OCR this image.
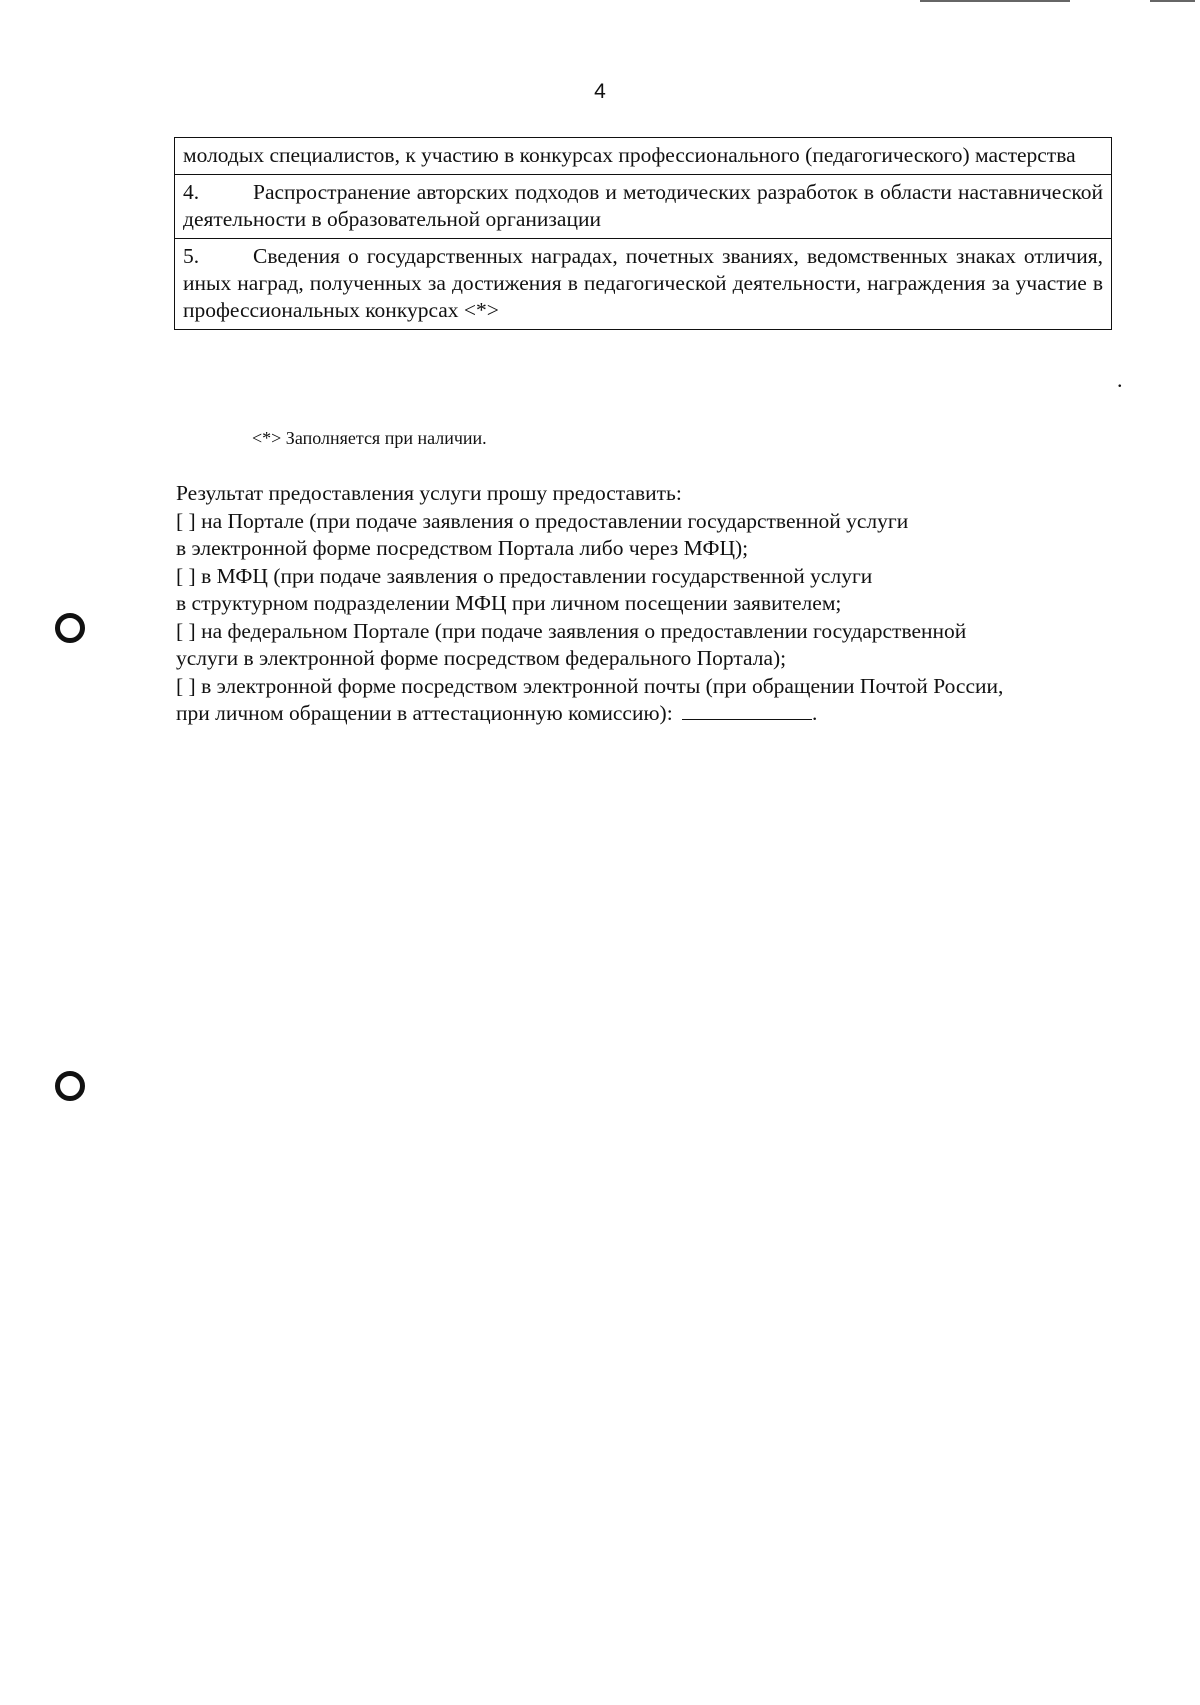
4
молодых специалистов, к участию в конкурсах профессионального (педагогического) мастерства
4.	Распространение авторских подходов и методических разработок в области наставнической деятельности в образовательной организации
5.	Сведения о государственных наградах, почетных званиях, ведомственных знаках отличия, иных наград, полученных за достижения в педагогической деятельности, награждения за участие в профессиональных конкурсах <*>
.
<*> Заполняется при наличии.

Результат предоставления услуги прошу предоставить:

[ ] на Порталe (при подаче заявления о предоставлении государственной услуги
в электронной форме посредством Портала либо через МФЦ);

[ ] в МФЦ (при подаче заявления о предоставлении государственной услуги
в структурном подразделении МФЦ при личном посещении заявителем;

[ ] на федеральном Портале (при подаче заявления о предоставлении государственной
услуги в электронной форме посредством федерального Портала);

[ ] в электронной форме посредством электронной почты (при обращении Почтой России,
при личном обращении в аттестационную комиссию):	.
